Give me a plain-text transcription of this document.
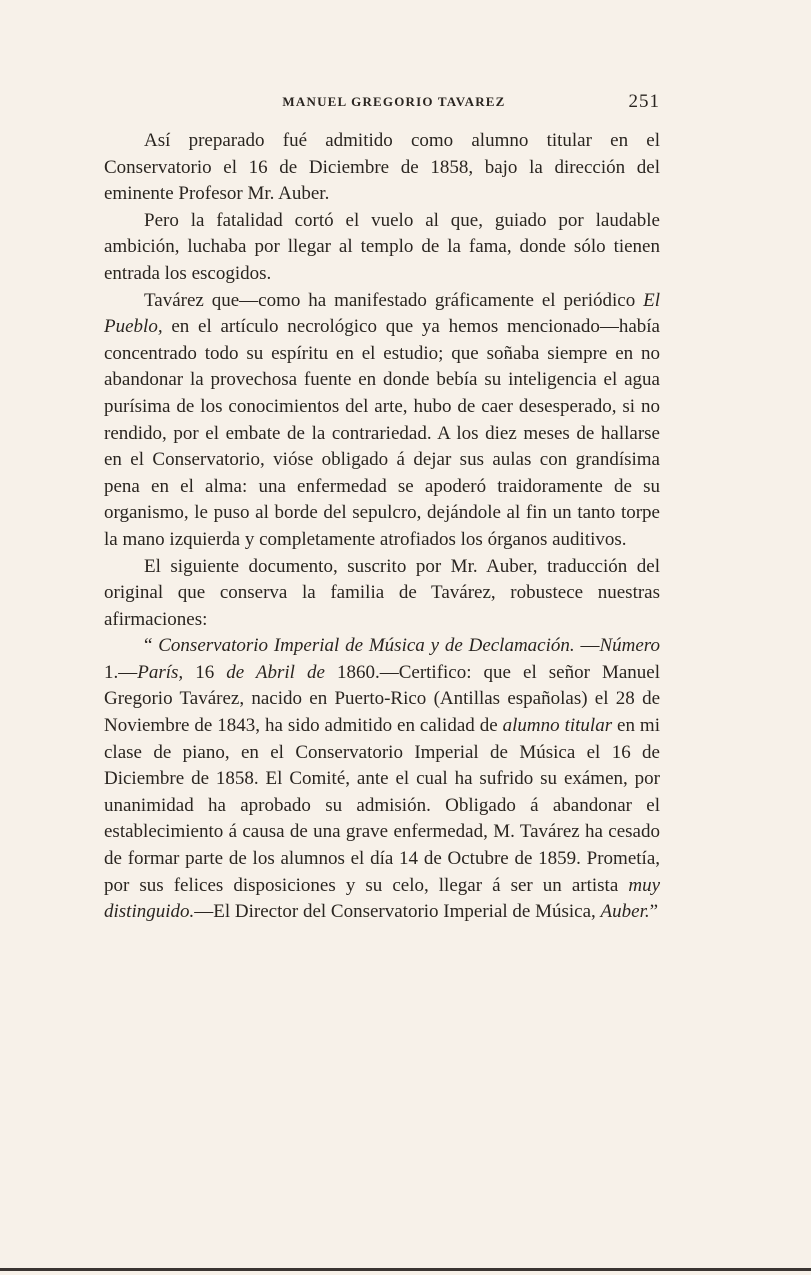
MANUEL GREGORIO TAVAREZ	251

Así preparado fué admitido como alumno titular en el Conservatorio el 16 de Diciembre de 1858, bajo la dirección del eminente Profesor Mr. Auber.

Pero la fatalidad cortó el vuelo al que, guiado por laudable ambición, luchaba por llegar al templo de la fama, donde sólo tienen entrada los escogidos.

Tavárez que—como ha manifestado gráficamente el periódico El Pueblo, en el artículo necrológico que ya hemos mencionado—había concentrado todo su espíritu en el estudio; que soñaba siempre en no abandonar la provechosa fuente en donde bebía su inteligencia el agua purísima de los conocimientos del arte, hubo de caer desesperado, si no rendido, por el embate de la contrariedad. A los diez meses de hallarse en el Conservatorio, vióse obligado á dejar sus aulas con grandísima pena en el alma: una enfermedad se apoderó traidoramente de su organismo, le puso al borde del sepulcro, dejándole al fin un tanto torpe la mano izquierda y completamente atrofiados los órganos auditivos.

El siguiente documento, suscrito por Mr. Auber, traducción del original que conserva la familia de Tavárez, robustece nuestras afirmaciones:

“ Conservatorio Imperial de Música y de Declamación. —Número 1.—París, 16 de Abril de 1860.—Certifico: que el señor Manuel Gregorio Tavárez, nacido en Puerto-Rico (Antillas españolas) el 28 de Noviembre de 1843, ha sido admitido en calidad de alumno titular en mi clase de piano, en el Conservatorio Imperial de Música el 16 de Diciembre de 1858. El Comité, ante el cual ha sufrido su exámen, por unanimidad ha aprobado su admisión. Obligado á abandonar el establecimiento á causa de una grave enfermedad, M. Tavárez ha cesado de formar parte de los alumnos el día 14 de Octubre de 1859. Prometía, por sus felices disposiciones y su celo, llegar á ser un artista muy distinguido.—El Director del Conservatorio Imperial de Música, Auber.”
